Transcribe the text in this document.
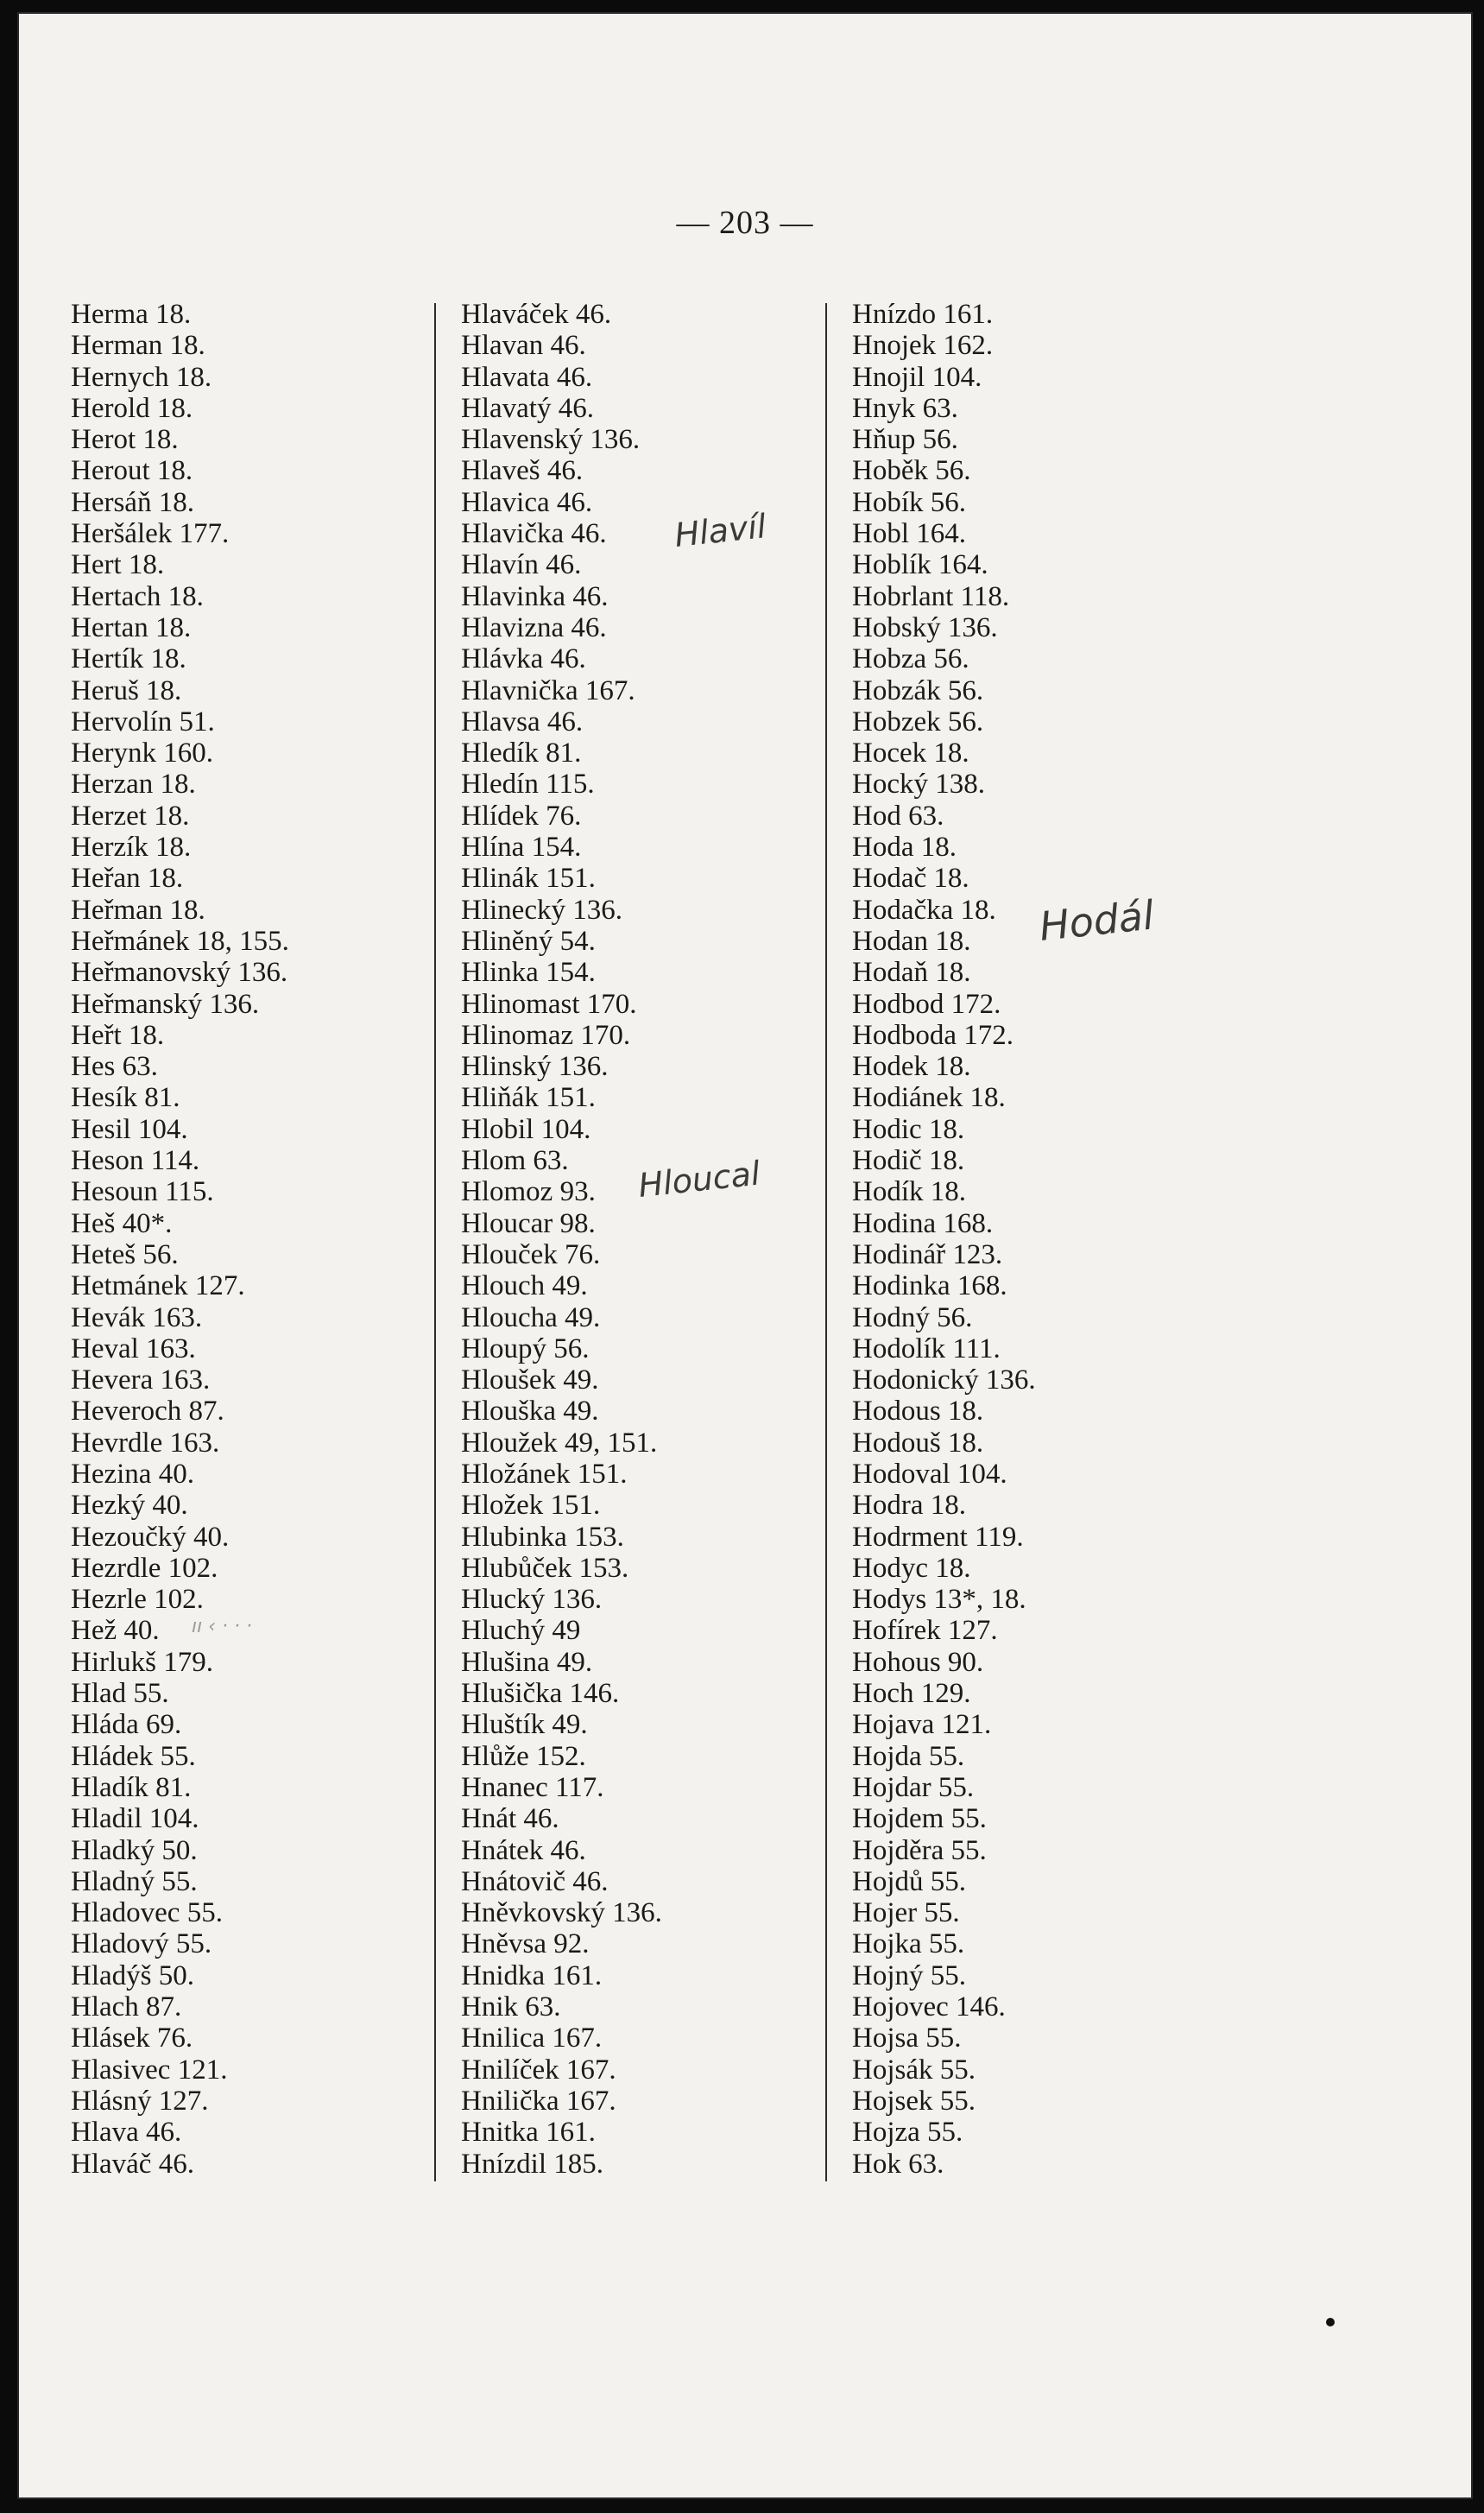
— 203 —
Herma 18.
Herman 18.
Hernych 18.
Herold 18.
Herot 18.
Herout 18.
Hersáň 18.
Heršálek 177.
Hert 18.
Hertach 18.
Hertan 18.
Hertík 18.
Heruš 18.
Hervolín 51.
Herynk 160.
Herzan 18.
Herzet 18.
Herzík 18.
Heřan 18.
Heřman 18.
Heřmánek 18, 155.
Heřmanovský 136.
Heřmanský 136.
Heřt 18.
Hes 63.
Hesík 81.
Hesil 104.
Heson 114.
Hesoun 115.
Heš 40*.
Heteš 56.
Hetmánek 127.
Hevák 163.
Heval 163.
Hevera 163.
Heveroch 87.
Hevrdle 163.
Hezina 40.
Hezký 40.
Hezoučký 40.
Hezrdle 102.
Hezrle 102.
Hež 40.
Hirlukš 179.
Hlad 55.
Hláda 69.
Hládek 55.
Hladík 81.
Hladil 104.
Hladký 50.
Hladný 55.
Hladovec 55.
Hladový 55.
Hladýš 50.
Hlach 87.
Hlásek 76.
Hlasivec 121.
Hlásný 127.
Hlava 46.
Hlaváč 46.
Hlaváček 46.
Hlavan 46.
Hlavata 46.
Hlavatý 46.
Hlavenský 136.
Hlaveš 46.
Hlavica 46.
Hlavička 46.
Hlavín 46.
Hlavinka 46.
Hlavizna 46.
Hlávka 46.
Hlavnička 167.
Hlavsa 46.
Hledík 81.
Hledín 115.
Hlídek 76.
Hlína 154.
Hlinák 151.
Hlinecký 136.
Hliněný 54.
Hlinka 154.
Hlinomast 170.
Hlinomaz 170.
Hlinský 136.
Hliňák 151.
Hlobil 104.
Hlom 63.
Hlomoz 93.
Hloucar 98.
Hlouček 76.
Hlouch 49.
Hloucha 49.
Hloupý 56.
Hloušek 49.
Hlouška 49.
Hloužek 49, 151.
Hložánek 151.
Hložek 151.
Hlubinka 153.
Hlubůček 153.
Hlucký 136.
Hluchý 49
Hlušina 49.
Hlušička 146.
Hluštík 49.
Hlůže 152.
Hnanec 117.
Hnát 46.
Hnátek 46.
Hnátovič 46.
Hněvkovský 136.
Hněvsa 92.
Hnidka 161.
Hnik 63.
Hnilica 167.
Hnilíček 167.
Hnilička 167.
Hnitka 161.
Hnízdil 185.
Hnízdo 161.
Hnojek 162.
Hnojil 104.
Hnyk 63.
Hňup 56.
Hoběk 56.
Hobík 56.
Hobl 164.
Hoblík 164.
Hobrlant 118.
Hobský 136.
Hobza 56.
Hobzák 56.
Hobzek 56.
Hocek 18.
Hocký 138.
Hod 63.
Hoda 18.
Hodač 18.
Hodačka 18.
Hodan 18.
Hodaň 18.
Hodbod 172.
Hodboda 172.
Hodek 18.
Hodiánek 18.
Hodic 18.
Hodič 18.
Hodík 18.
Hodina 168.
Hodinář 123.
Hodinka 168.
Hodný 56.
Hodolík 111.
Hodonický 136.
Hodous 18.
Hodouš 18.
Hodoval 104.
Hodra 18.
Hodrment 119.
Hodyc 18.
Hodys 13*, 18.
Hofírek 127.
Hohous 90.
Hoch 129.
Hojava 121.
Hojda 55.
Hojdar 55.
Hojdem 55.
Hojděra 55.
Hojdů 55.
Hojer 55.
Hojka 55.
Hojný 55.
Hojovec 146.
Hojsa 55.
Hojsák 55.
Hojsek 55.
Hojza 55.
Hok 63.
Hlavíl
Hloucal
Hodál
ıı ‹ · · ·
